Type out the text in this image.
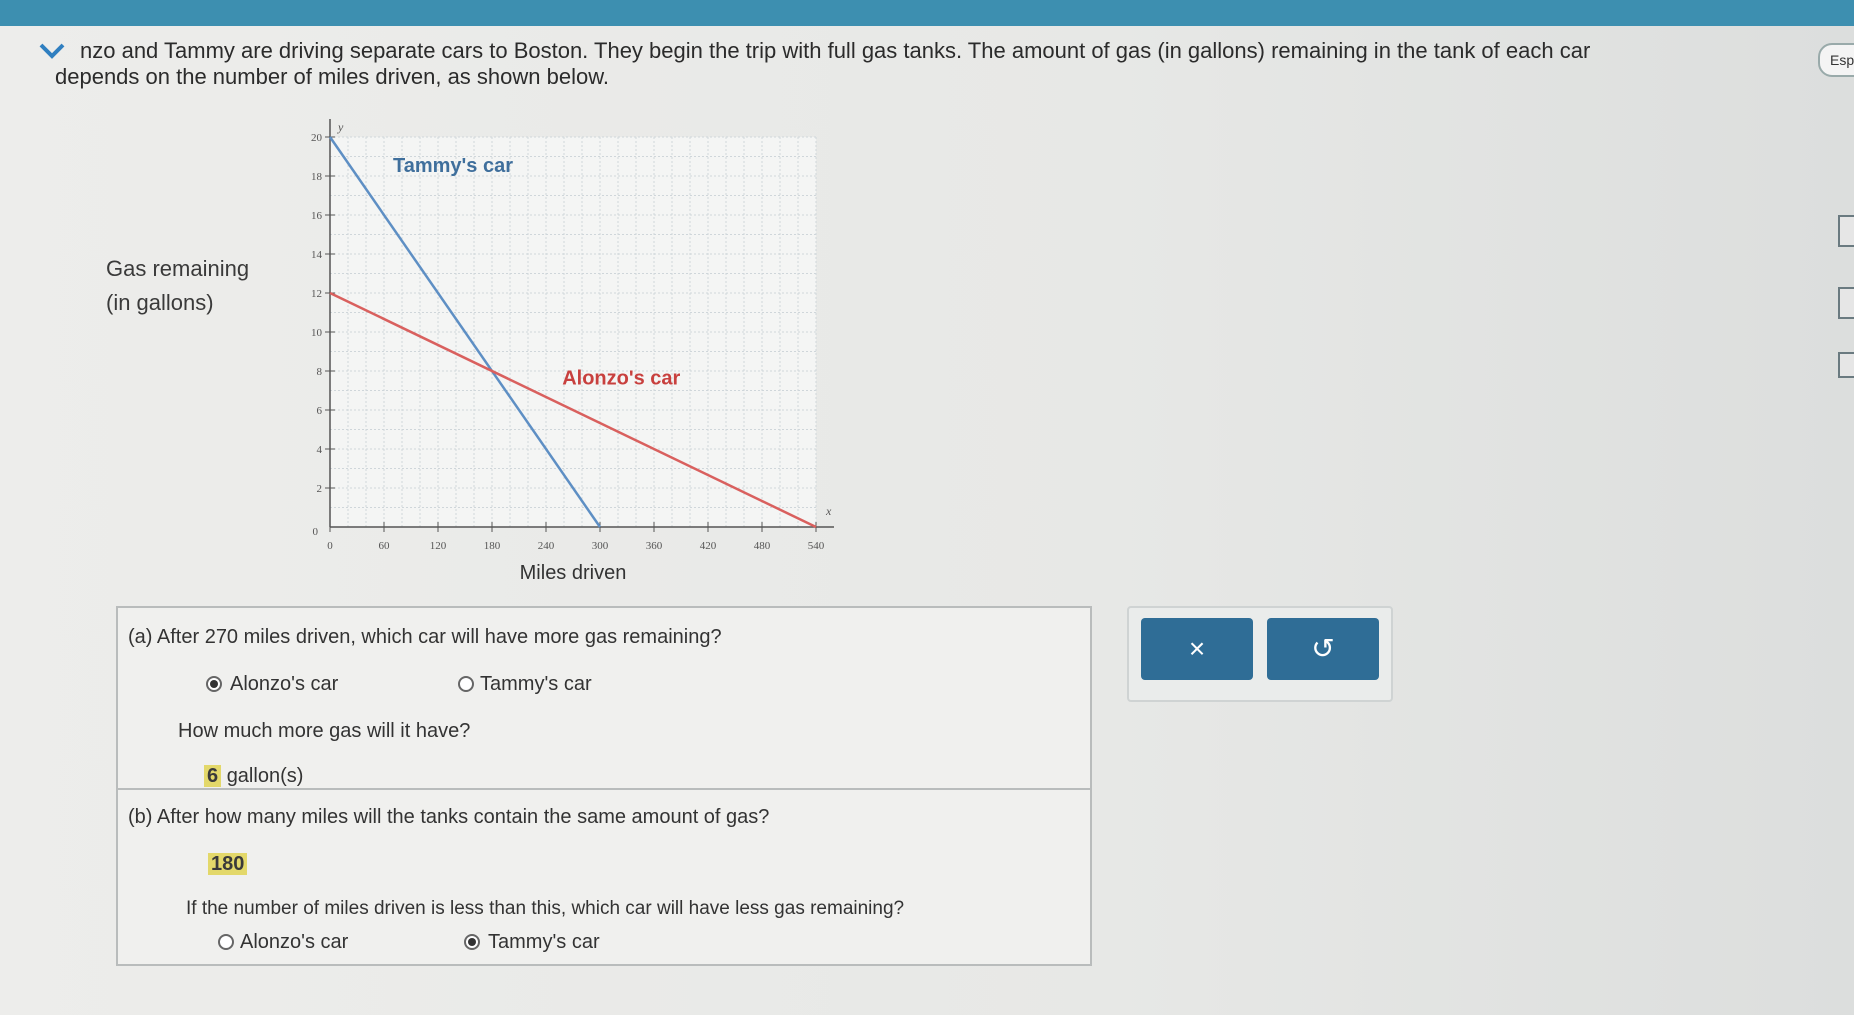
nzo and Tammy are driving separate cars to Boston. They begin the trip with full gas tanks. The amount of gas (in gallons) remaining in the tank of each car
depends on the number of miles driven, as shown below.
Esp
Gas remaining
(in gallons)
0	60	120	180	240	300	360	420	480	540
2
4
6
8
10
12
14
16
18
20
0
x
y
Tammy's car
Alonzo's car
Miles driven
(a) After 270 miles driven, which car will have more gas remaining?
Alonzo's car	Tammy's car
How much more gas will it have?
6 gallon(s)
(b) After how many miles will the tanks contain the same amount of gas?
180
If the number of miles driven is less than this, which car will have less gas remaining?
Alonzo's car	Tammy's car
×	↺
